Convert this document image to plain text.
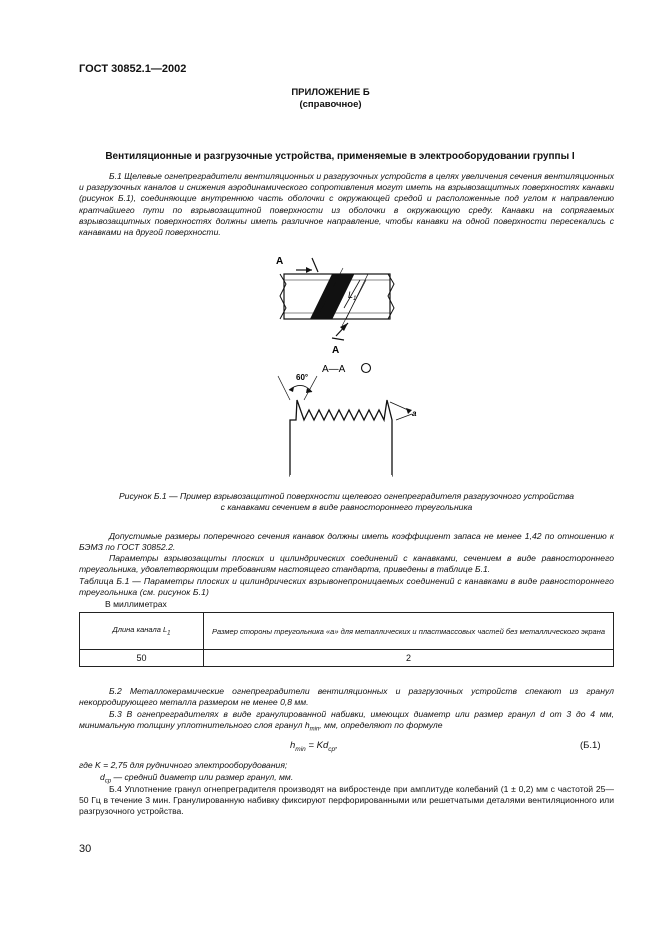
ГОСТ 30852.1—2002
ПРИЛОЖЕНИЕ Б
(справочное)
Вентиляционные и разгрузочные устройства, применяемые в электрооборудовании группы I
Б.1 Щелевые огнепреградители вентиляционных и разгрузочных устройств в целях увеличения сечения вентиляционных и разгрузочных каналов и снижения аэродинамического сопротивления могут иметь на взрывозащитных поверхностях канавки (рисунок Б.1), соединяющие внутреннюю часть оболочки с окружающей средой и расположенные под углом к направлению кратчайшего пути по взрывозащитной поверхности из оболочки в окружающую среду. Канавки на сопрягаемых взрывозащитных поверхностях должны иметь различное направление, чтобы канавки на одной поверхности пересекались с канавками на другой поверхности.
$L_1$
А
А
А—А
60°
a
Рисунок Б.1 — Пример взрывозащитной поверхности щелевого огнепреградителя разгрузочного устройства
с канавками сечением в виде равностороннего треугольника
Допустимые размеры поперечного сечения канавок должны иметь коэффициент запаса не менее 1,42 по отношению к БЭМЗ по ГОСТ 30852.2.
Параметры взрывозащиты плоских и цилиндрических соединений с канавками, сечением в виде равностороннего треугольника, удовлетворяющим требованиям настоящего стандарта, приведены в таблице Б.1.
Таблица Б.1 — Параметры плоских и цилиндрических взрывонепроницаемых соединений с канавками в виде равностороннего треугольника (см. рисунок Б.1)
В миллиметрах
Длина канала $L_1$	Размер стороны треугольника «а» для металлических и пластмассовых частей без металлического экрана
50	2
Б.2 Металлокерамические огнепреградители вентиляционных и разгрузочных устройств спекают из гранул некорродирующего металла размером не менее 0,8 мм.
Б.3 В огнепреградителях в виде гранулированной набивки, имеющих диаметр или размер гранул d от 3 до 4 мм, минимальную толщину уплотнительного слоя гранул $h_{min}$, мм, определяют по формуле
$h_{min} = Kd_{ср}$,	(Б.1)
где K = 2,75 для рудничного электрооборудования;
$d_{ср}$ — средний диаметр или размер гранул, мм.
Б.4 Уплотнение гранул огнепреградителя производят на вибростенде при амплитуде колебаний (1 ± 0,2) мм с частотой 25—50 Гц в течение 3 мин. Гранулированную набивку фиксируют перфорированными или решетчатыми деталями вентиляционного или разгрузочного устройства.
30
